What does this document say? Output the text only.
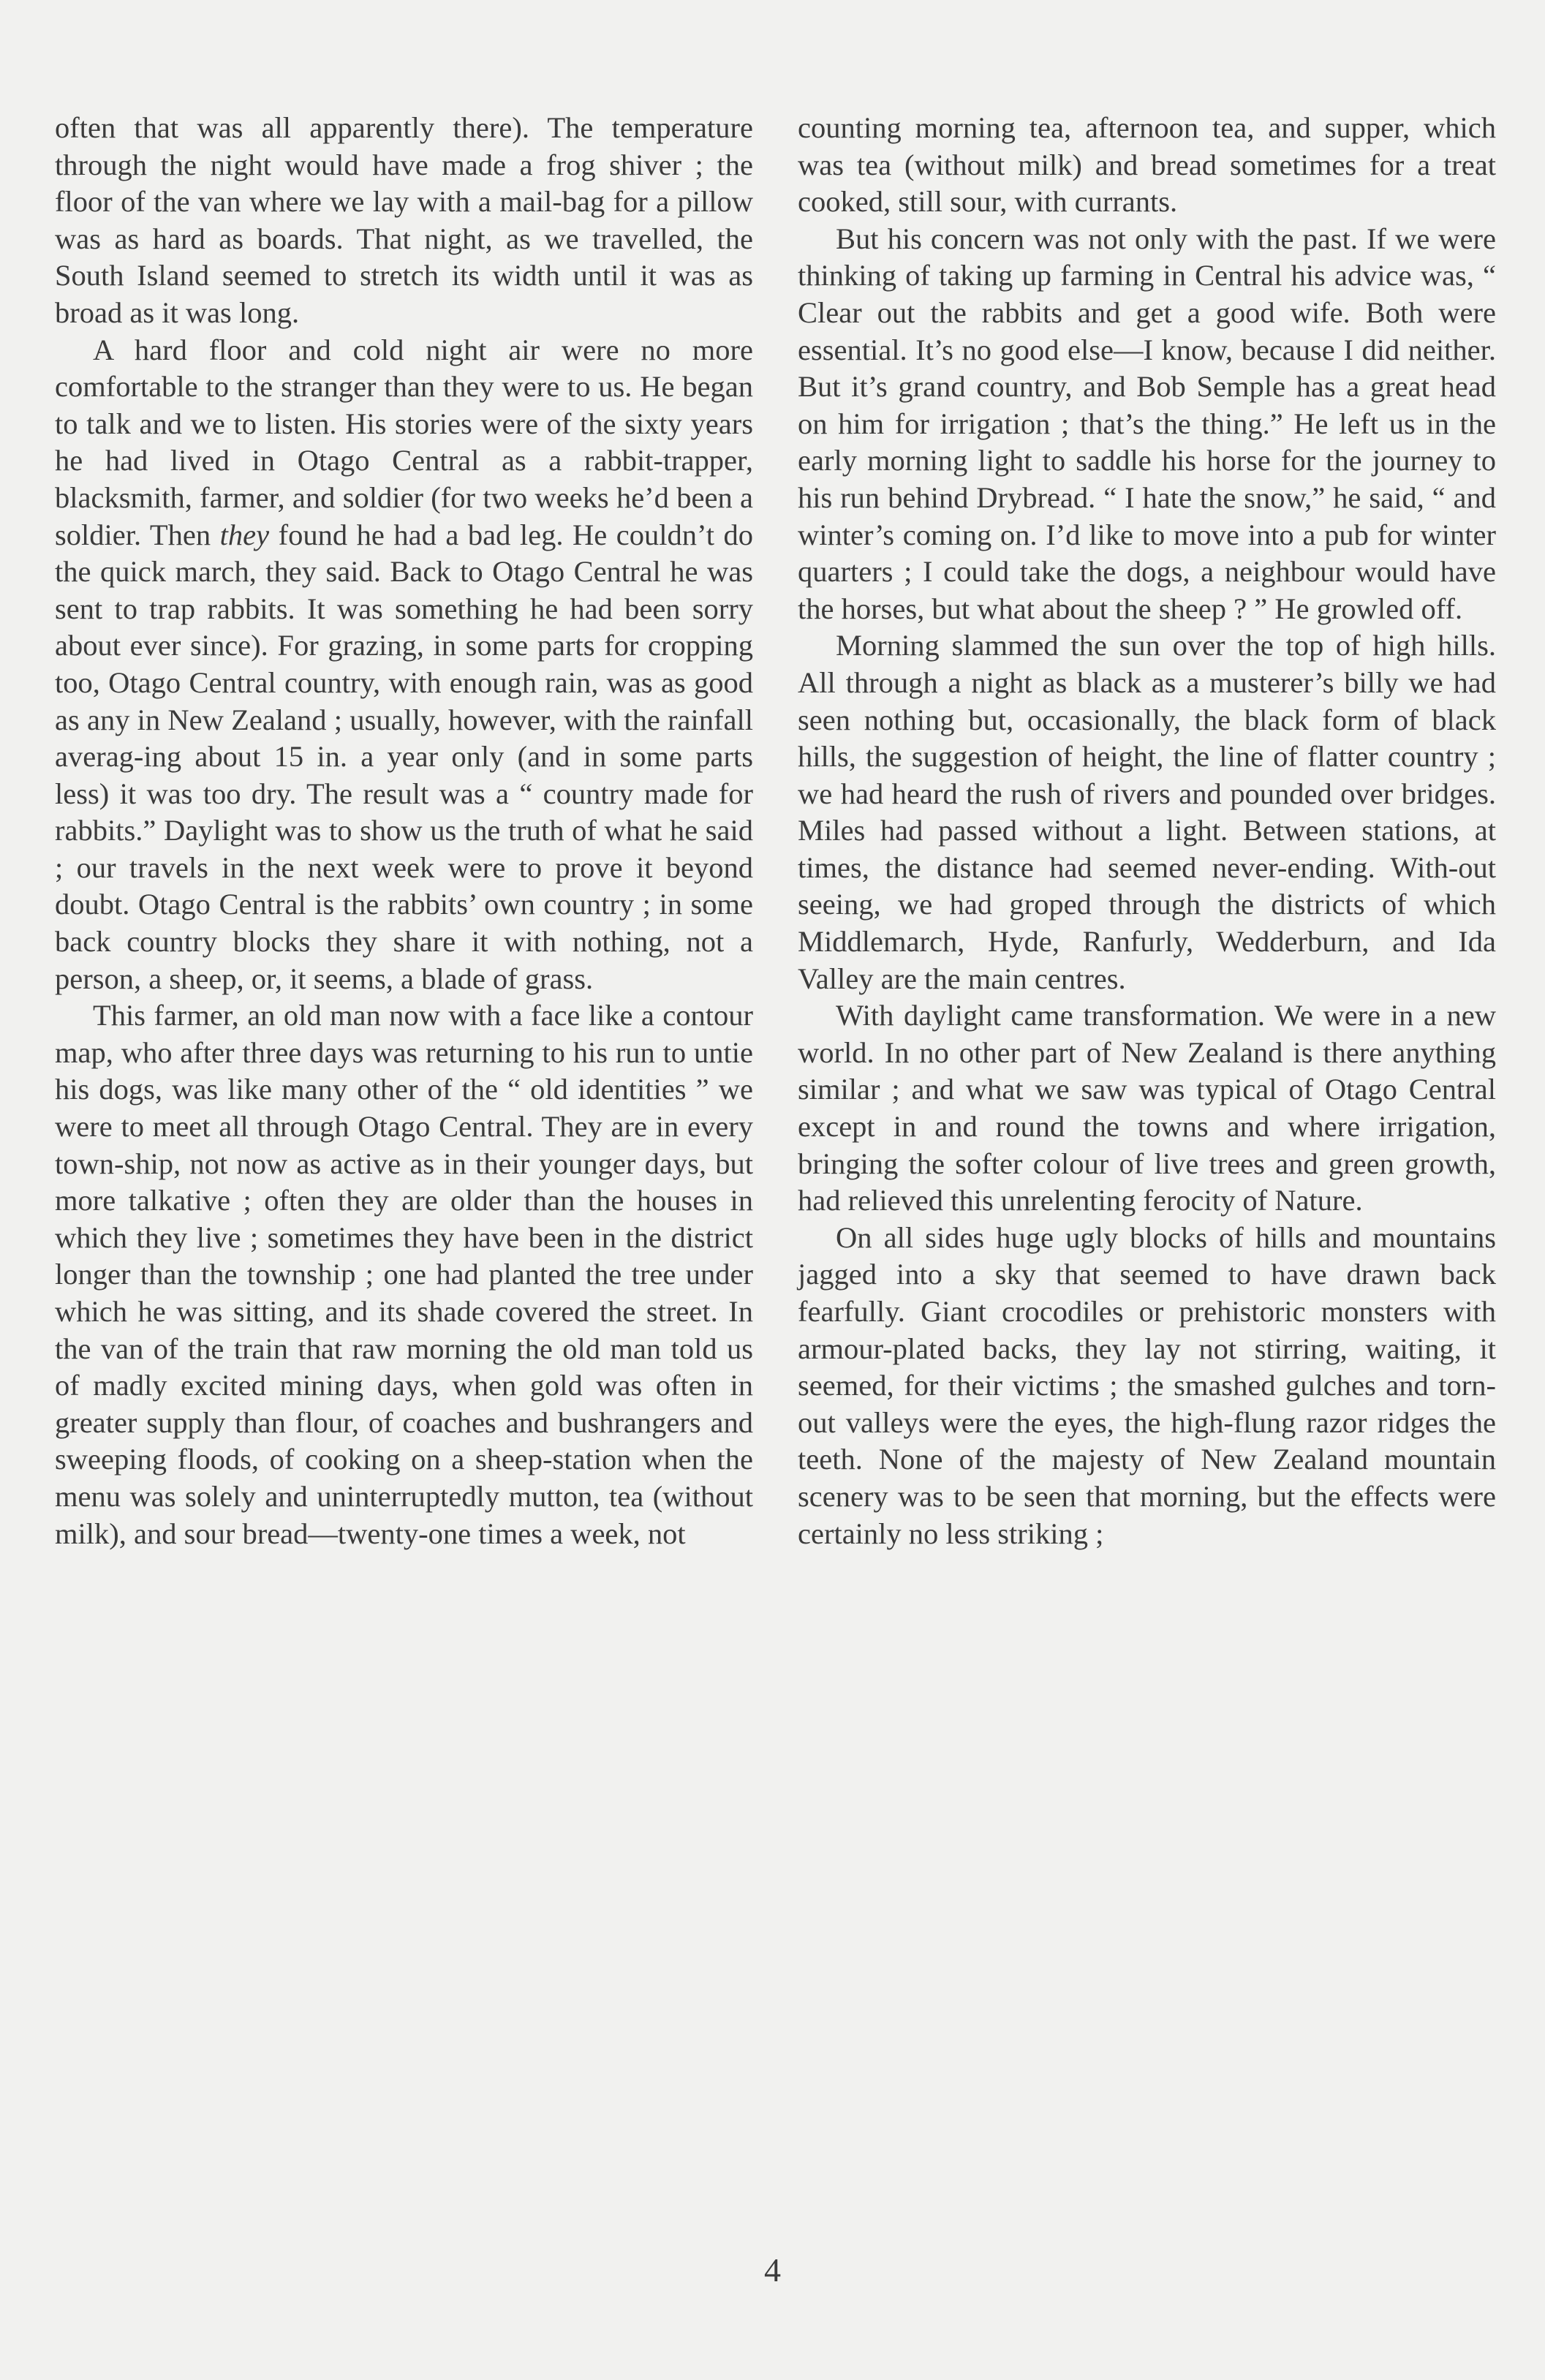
often that was all apparently there). The temperature through the night would have made a frog shiver ; the floor of the van where we lay with a mail-bag for a pillow was as hard as boards. That night, as we travelled, the South Island seemed to stretch its width until it was as broad as it was long.

A hard floor and cold night air were no more comfortable to the stranger than they were to us. He began to talk and we to listen. His stories were of the sixty years he had lived in Otago Central as a rabbit-trapper, blacksmith, farmer, and soldier (for two weeks he’d been a soldier. Then they found he had a bad leg. He couldn’t do the quick march, they said. Back to Otago Central he was sent to trap rabbits. It was something he had been sorry about ever since). For grazing, in some parts for cropping too, Otago Central country, with enough rain, was as good as any in New Zealand ; usually, however, with the rainfall averag-ing about 15 in. a year only (and in some parts less) it was too dry. The result was a “ country made for rabbits.” Daylight was to show us the truth of what he said ; our travels in the next week were to prove it beyond doubt. Otago Central is the rabbits’ own country ; in some back country blocks they share it with nothing, not a person, a sheep, or, it seems, a blade of grass.

This farmer, an old man now with a face like a contour map, who after three days was returning to his run to untie his dogs, was like many other of the “ old identities ” we were to meet all through Otago Central. They are in every town-ship, not now as active as in their younger days, but more talkative ; often they are older than the houses in which they live ; sometimes they have been in the district longer than the township ; one had planted the tree under which he was sitting, and its shade covered the street. In the van of the train that raw morning the old man told us of madly excited mining days, when gold was often in greater supply than flour, of coaches and bushrangers and sweeping floods, of cooking on a sheep-station when the menu was solely and uninterruptedly mutton, tea (without milk), and sour bread—twenty-one times a week, not

counting morning tea, afternoon tea, and supper, which was tea (without milk) and bread sometimes for a treat cooked, still sour, with currants.

But his concern was not only with the past. If we were thinking of taking up farming in Central his advice was, “ Clear out the rabbits and get a good wife. Both were essential. It’s no good else—I know, because I did neither. But it’s grand country, and Bob Semple has a great head on him for irrigation ; that’s the thing.” He left us in the early morning light to saddle his horse for the journey to his run behind Drybread. “ I hate the snow,” he said, “ and winter’s coming on. I’d like to move into a pub for winter quarters ; I could take the dogs, a neighbour would have the horses, but what about the sheep ? ” He growled off.

Morning slammed the sun over the top of high hills. All through a night as black as a musterer’s billy we had seen nothing but, occasionally, the black form of black hills, the suggestion of height, the line of flatter country ; we had heard the rush of rivers and pounded over bridges. Miles had passed without a light. Between stations, at times, the distance had seemed never-ending. With-out seeing, we had groped through the districts of which Middlemarch, Hyde, Ranfurly, Wedderburn, and Ida Valley are the main centres.

With daylight came transformation. We were in a new world. In no other part of New Zealand is there anything similar ; and what we saw was typical of Otago Central except in and round the towns and where irrigation, bringing the softer colour of live trees and green growth, had relieved this unrelenting ferocity of Nature.

On all sides huge ugly blocks of hills and mountains jagged into a sky that seemed to have drawn back fearfully. Giant crocodiles or prehistoric monsters with armour-plated backs, they lay not stirring, waiting, it seemed, for their victims ; the smashed gulches and torn-out valleys were the eyes, the high-flung razor ridges the teeth. None of the majesty of New Zealand mountain scenery was to be seen that morning, but the effects were certainly no less striking ;

4
